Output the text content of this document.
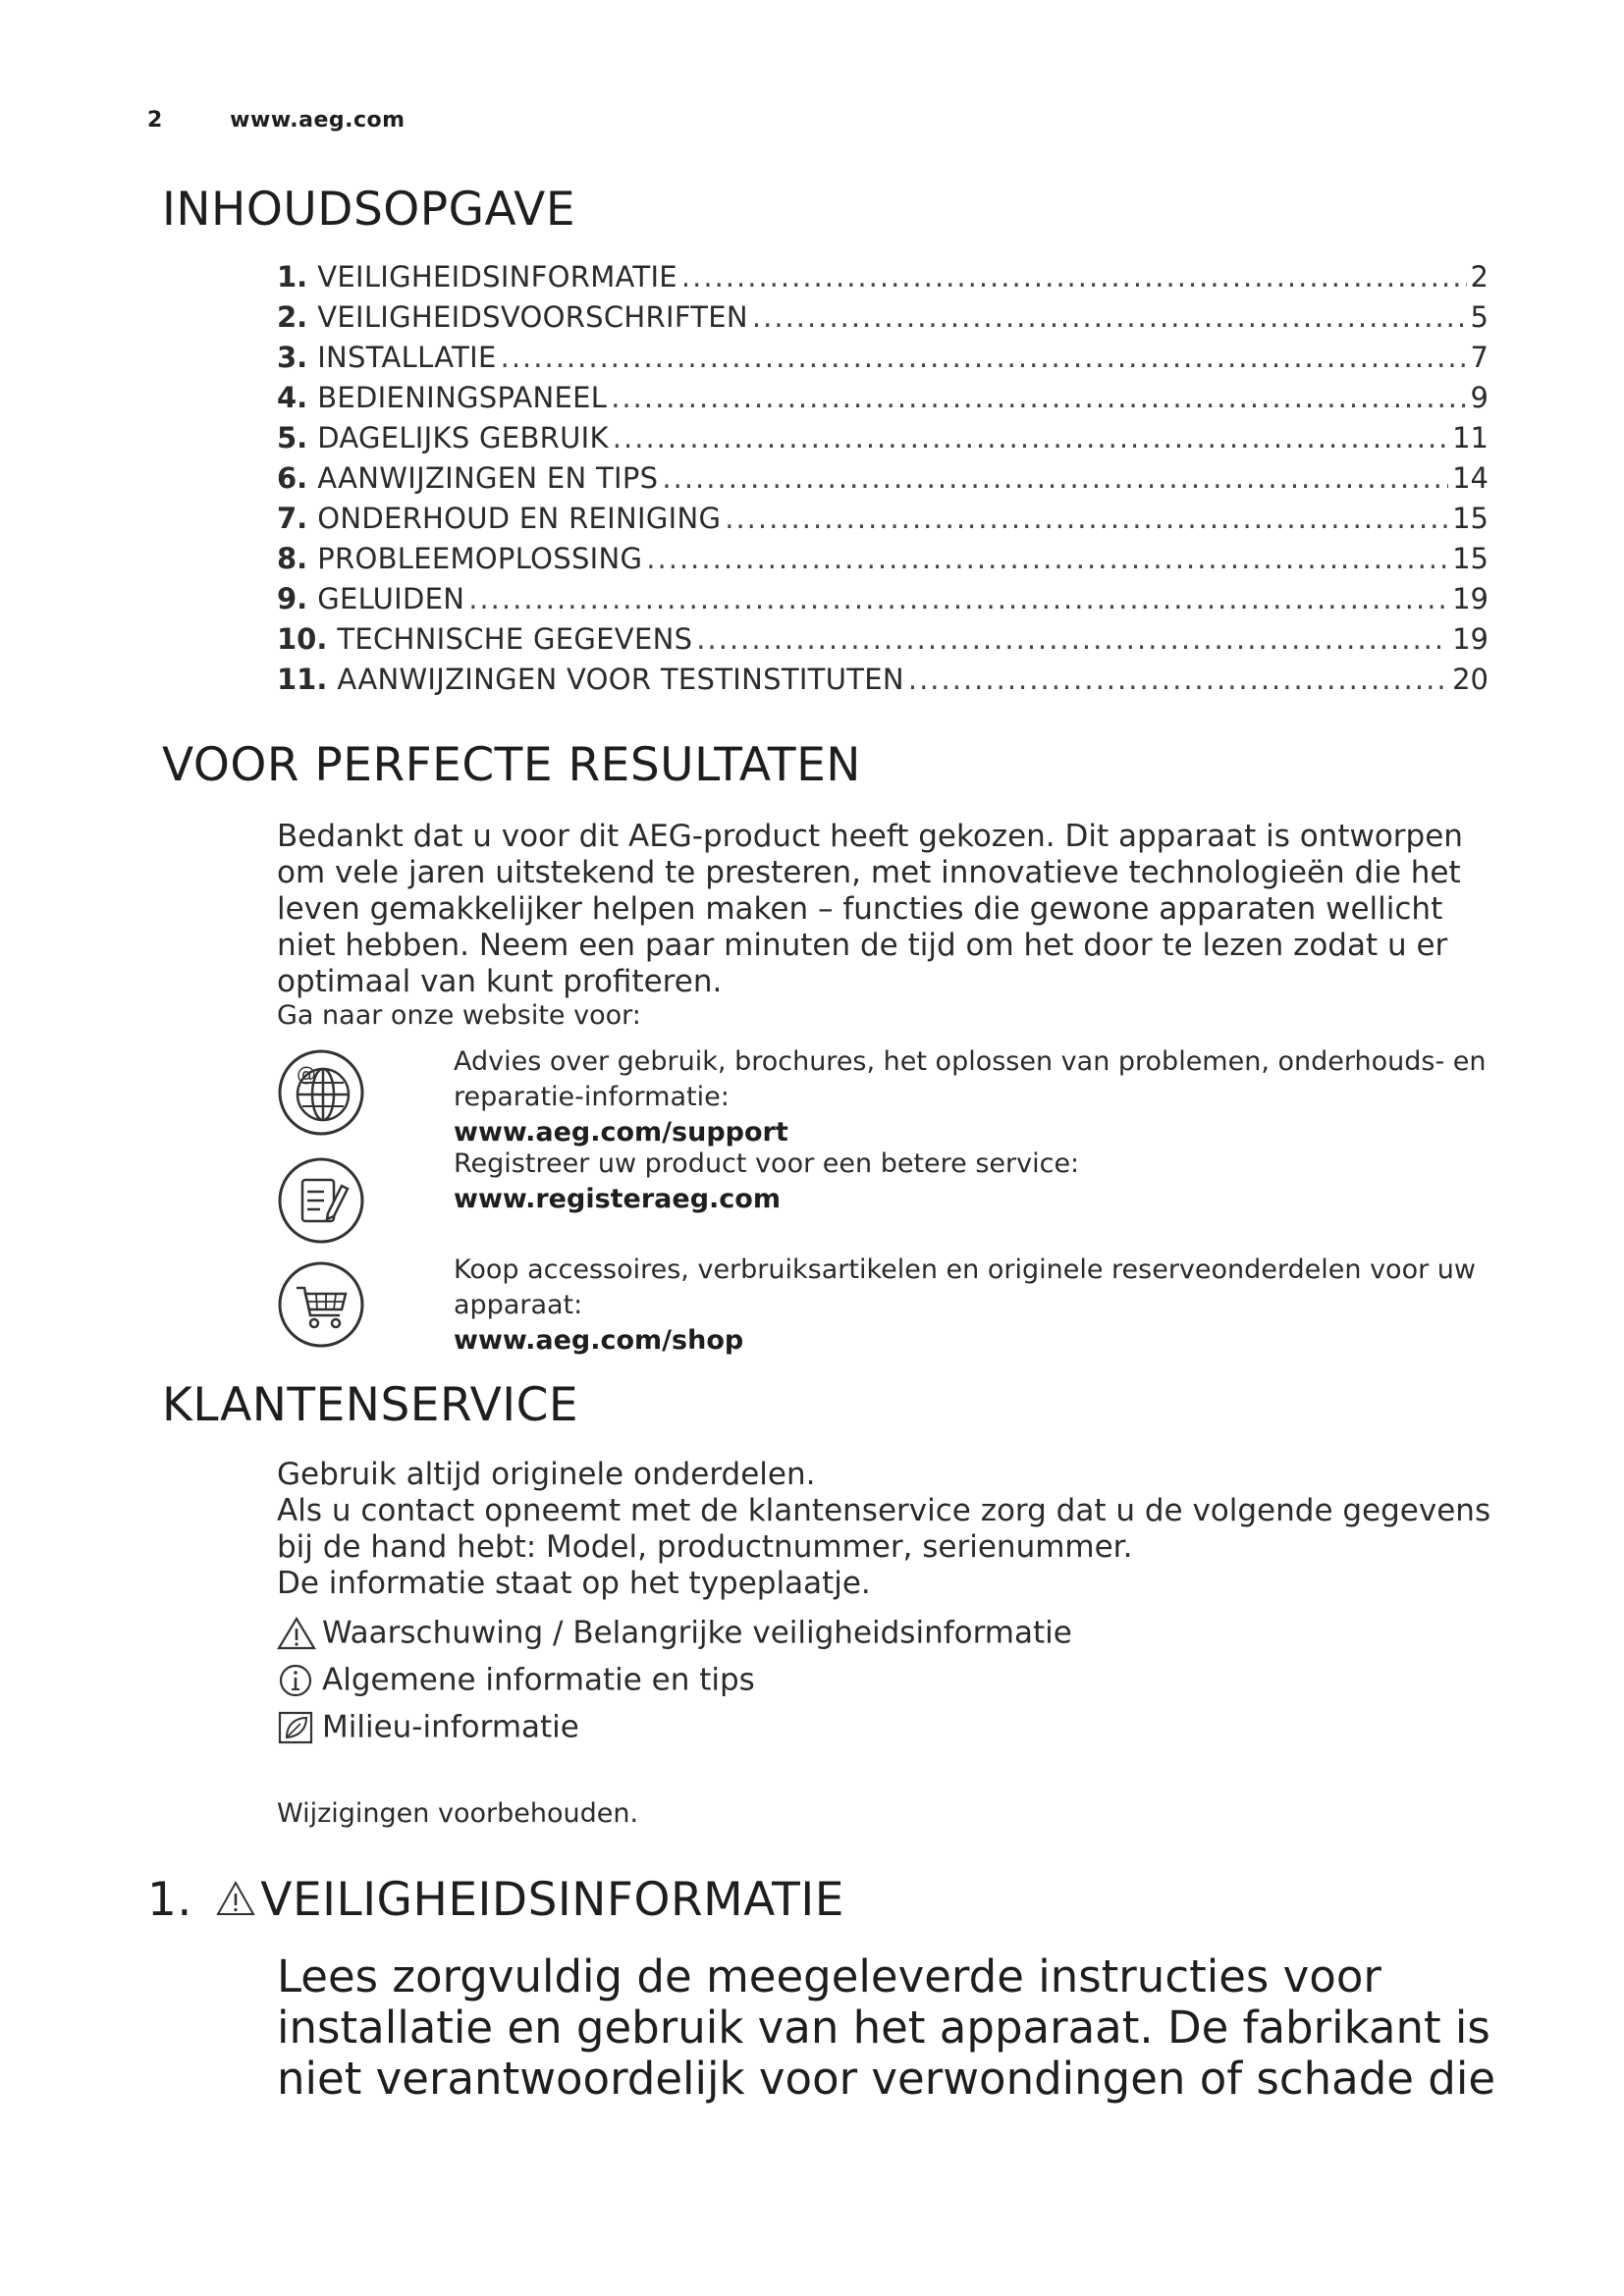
2	www.aeg.com
INHOUDSOPGAVE
1. VEILIGHEIDSINFORMATIE .....	2
2. VEILIGHEIDSVOORSCHRIFTEN .....	5
3. INSTALLATIE .....	7
4. BEDIENINGSPANEEL .....	9
5. DAGELIJKS GEBRUIK .....	11
6. AANWIJZINGEN EN TIPS .....	14
7. ONDERHOUD EN REINIGING .....	15
8. PROBLEEMOPLOSSING .....	15
9. GELUIDEN .....	19
10. TECHNISCHE GEGEVENS .....	19
11. AANWIJZINGEN VOOR TESTINSTITUTEN .....	20
VOOR PERFECTE RESULTATEN

Bedankt dat u voor dit AEG-product heeft gekozen. Dit apparaat is ontworpen om vele jaren uitstekend te presteren, met innovatieve technologieën die het leven gemakkelijker helpen maken – functies die gewone apparaten wellicht niet hebben. Neem een paar minuten de tijd om het door te lezen zodat u er optimaal van kunt profiteren.

Ga naar onze website voor:
@	Advies over gebruik, brochures, het oplossen van problemen, onderhouds- en reparatie-informatie:
www.aeg.com/support
Registreer uw product voor een betere service:
www.registeraeg.com
Koop accessoires, verbruiksartikelen en originele reserveonderdelen voor uw apparaat:
www.aeg.com/shop
KLANTENSERVICE
Gebruik altijd originele onderdelen.
Als u contact opneemt met de klantenservice zorg dat u de volgende gegevens bij de hand hebt: Model, productnummer, serienummer.
De informatie staat op het typeplaatje.
Waarschuwing / Belangrijke veiligheidsinformatie
Algemene informatie en tips
Milieu-informatie
Wijzigingen voorbehouden.
1. VEILIGHEIDSINFORMATIE

Lees zorgvuldig de meegeleverde instructies voor installatie en gebruik van het apparaat. De fabrikant is niet verantwoordelijk voor verwondingen of schade die
